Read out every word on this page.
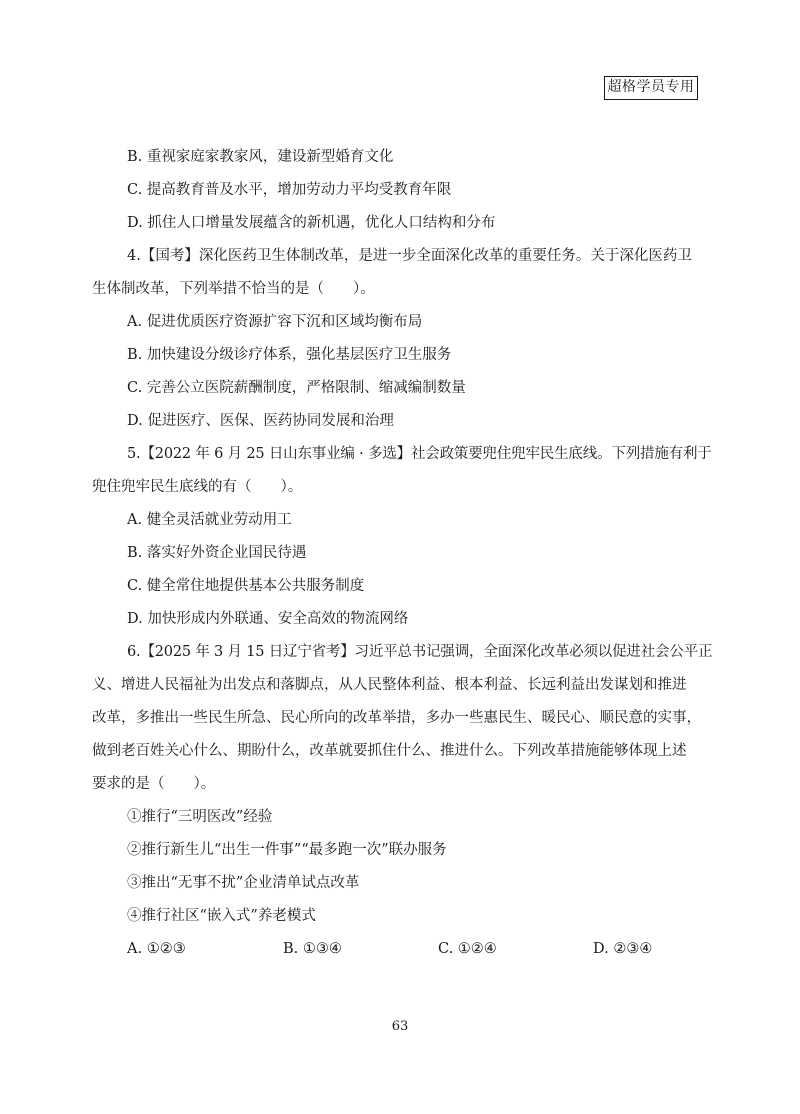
超格学员专用
B. 重视家庭家教家风，建设新型婚育文化
C. 提高教育普及水平，增加劳动力平均受教育年限
D. 抓住人口增量发展蕴含的新机遇，优化人口结构和分布
4.【国考】深化医药卫生体制改革，是进一步全面深化改革的重要任务。关于深化医药卫
生体制改革，下列举措不恰当的是（　　）。
A. 促进优质医疗资源扩容下沉和区域均衡布局
B. 加快建设分级诊疗体系，强化基层医疗卫生服务
C. 完善公立医院薪酬制度，严格限制、缩减编制数量
D. 促进医疗、医保、医药协同发展和治理
5.【2022 年 6 月 25 日山东事业编 · 多选】社会政策要兜住兜牢民生底线。下列措施有利于
兜住兜牢民生底线的有（　　）。
A. 健全灵活就业劳动用工
B. 落实好外资企业国民待遇
C. 健全常住地提供基本公共服务制度
D. 加快形成内外联通、安全高效的物流网络
6.【2025 年 3 月 15 日辽宁省考】习近平总书记强调，全面深化改革必须以促进社会公平正
义、增进人民福祉为出发点和落脚点，从人民整体利益、根本利益、长远利益出发谋划和推进
改革，多推出一些民生所急、民心所向的改革举措，多办一些惠民生、暖民心、顺民意的实事，
做到老百姓关心什么、期盼什么，改革就要抓住什么、推进什么。下列改革措施能够体现上述
要求的是（　　）。
①推行“三明医改”经验
②推行新生儿“出生一件事”“最多跑一次”联办服务
③推出“无事不扰”企业清单试点改革
④推行社区“嵌入式”养老模式
A. ①②③	B. ①③④	C. ①②④	D. ②③④
63
